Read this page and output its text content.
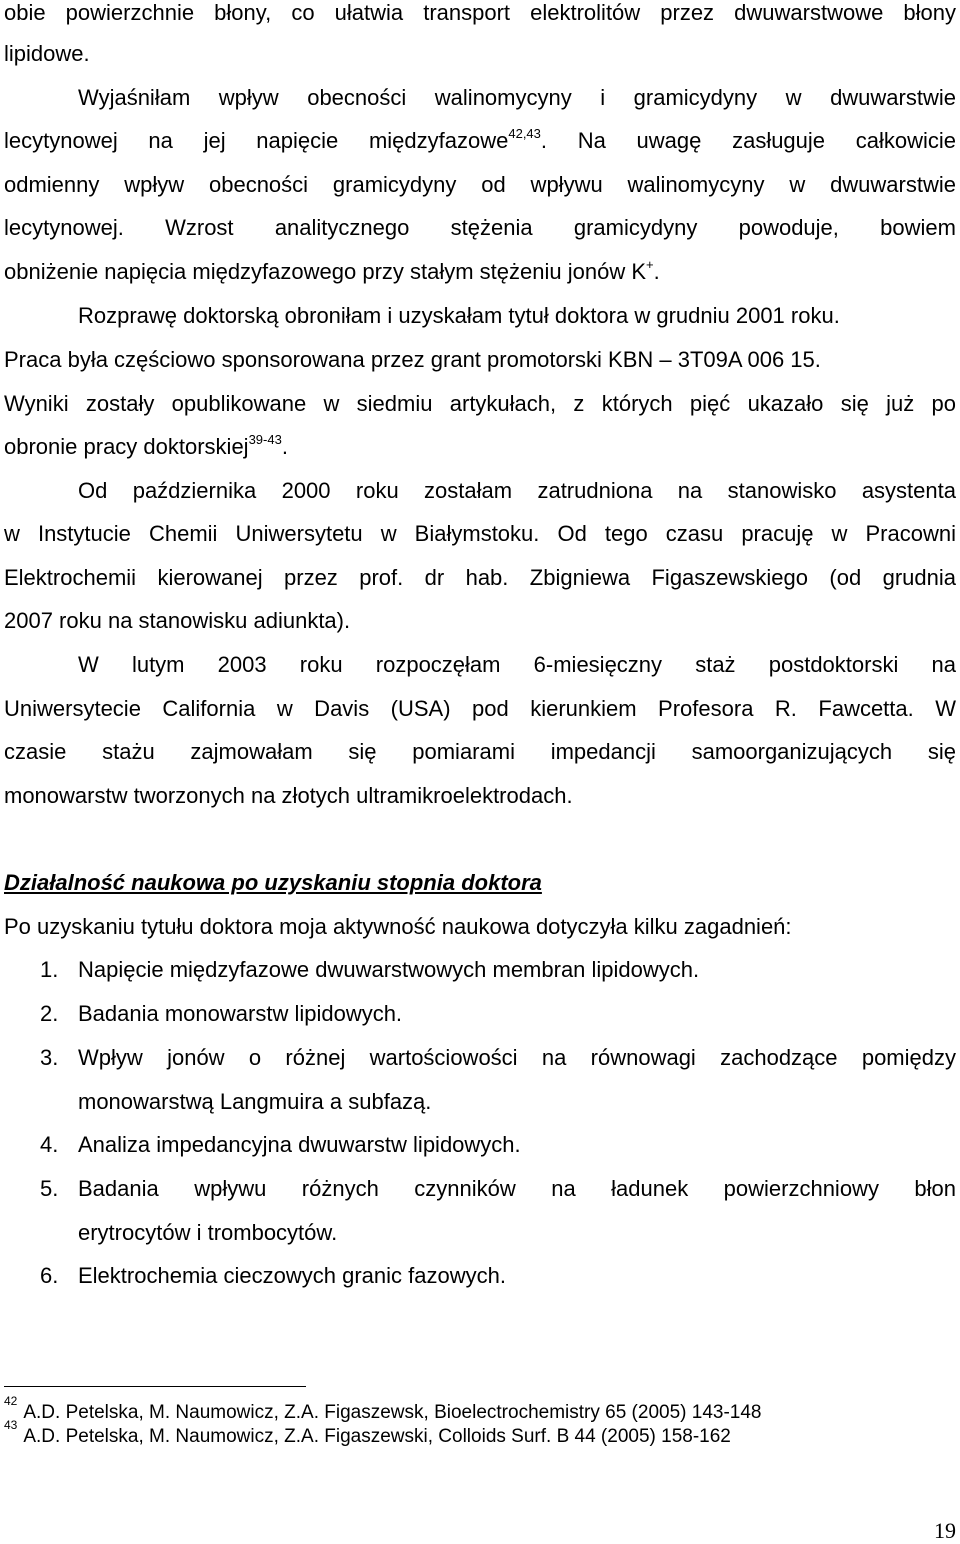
obie powierzchnie błony, co ułatwia transport elektrolitów przez dwuwarstwowe błony
lipidowe.
Wyjaśniłam wpływ obecności walinomycyny i gramicydyny w dwuwarstwie
lecytynowej na jej napięcie międzyfazowe$^{42,43}$. Na uwagę zasługuje całkowicie
odmienny wpływ obecności gramicydyny od wpływu walinomycyny w dwuwarstwie
lecytynowej. Wzrost analitycznego stężenia gramicydyny powoduje, bowiem
obniżenie napięcia międzyfazowego przy stałym stężeniu jonów K+.
Rozprawę doktorską obroniłam i uzyskałam tytuł doktora w grudniu 2001 roku.
Praca była częściowo sponsorowana przez grant promotorski KBN – 3T09A 006 15.
Wyniki zostały opublikowane w siedmiu artykułach, z których pięć ukazało się już po
obronie pracy doktorskiej$^{39-43}$.
Od października 2000 roku zostałam zatrudniona na stanowisko asystenta
w Instytucie Chemii Uniwersytetu w Białymstoku. Od tego czasu pracuję w Pracowni
Elektrochemii kierowanej przez prof. dr hab. Zbigniewa Figaszewskiego (od grudnia
2007 roku na stanowisku adiunkta).
W lutym 2003 roku rozpoczęłam 6-miesięczny staż postdoktorski na
Uniwersytecie California w Davis (USA) pod kierunkiem Profesora R. Fawcetta. W
czasie stażu zajmowałam się pomiarami impedancji samoorganizujących się
monowarstw tworzonych na złotych ultramikroelektrodach.
Działalność naukowa po uzyskaniu stopnia doktora
Po uzyskaniu tytułu doktora moja aktywność naukowa dotyczyła kilku zagadnień:
1. Napięcie międzyfazowe dwuwarstwowych membran lipidowych.
2. Badania monowarstw lipidowych.
3. Wpływ jonów o różnej wartościowości na równowagi zachodzące pomiędzy
monowarstwą Langmuira a subfazą.
4. Analiza impedancyjna dwuwarstw lipidowych.
5. Badania wpływu różnych czynników na ładunek powierzchniowy błon
erytrocytów i trombocytów.
6. Elektrochemia cieczowych granic fazowych.
$^{42}$A.D. Petelska, M. Naumowicz, Z.A. Figaszewsk, Bioelectrochemistry 65 (2005) 143-148
$^{43}$A.D. Petelska, M. Naumowicz, Z.A. Figaszewski, Colloids Surf. B 44 (2005) 158-162
19
